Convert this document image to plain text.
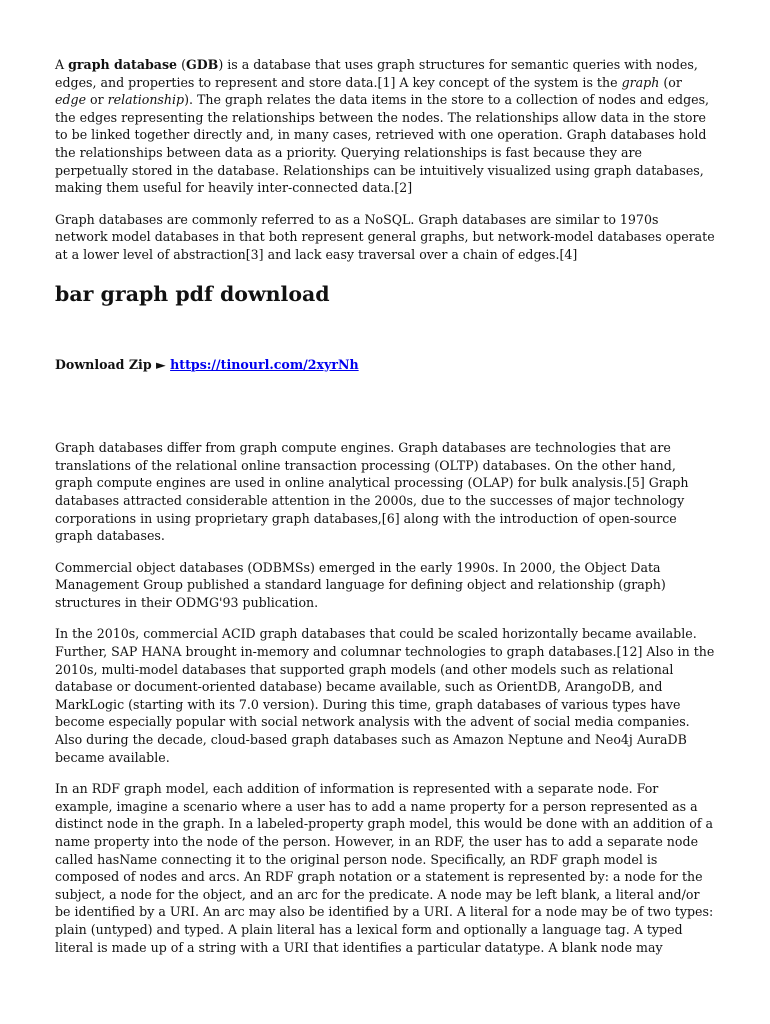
A graph database (GDB) is a database that uses graph structures for semantic queries with nodes, edges, and properties to represent and store data.[1] A key concept of the system is the graph (or edge or relationship). The graph relates the data items in the store to a collection of nodes and edges, the edges representing the relationships between the nodes. The relationships allow data in the store to be linked together directly and, in many cases, retrieved with one operation. Graph databases hold the relationships between data as a priority. Querying relationships is fast because they are perpetually stored in the database. Relationships can be intuitively visualized using graph databases, making them useful for heavily inter-connected data.[2]

Graph databases are commonly referred to as a NoSQL. Graph databases are similar to 1970s network model databases in that both represent general graphs, but network-model databases operate at a lower level of abstraction[3] and lack easy traversal over a chain of edges.[4]

bar graph pdf download
Download Zip ► https://tinourl.com/2xyrNh

Graph databases differ from graph compute engines. Graph databases are technologies that are translations of the relational online transaction processing (OLTP) databases. On the other hand, graph compute engines are used in online analytical processing (OLAP) for bulk analysis.[5] Graph databases attracted considerable attention in the 2000s, due to the successes of major technology corporations in using proprietary graph databases,[6] along with the introduction of open-source graph databases.

Commercial object databases (ODBMSs) emerged in the early 1990s. In 2000, the Object Data Management Group published a standard language for defining object and relationship (graph) structures in their ODMG'93 publication.

In the 2010s, commercial ACID graph databases that could be scaled horizontally became available. Further, SAP HANA brought in-memory and columnar technologies to graph databases.[12] Also in the 2010s, multi-model databases that supported graph models (and other models such as relational database or document-oriented database) became available, such as OrientDB, ArangoDB, and MarkLogic (starting with its 7.0 version). During this time, graph databases of various types have become especially popular with social network analysis with the advent of social media companies. Also during the decade, cloud-based graph databases such as Amazon Neptune and Neo4j AuraDB became available.

In an RDF graph model, each addition of information is represented with a separate node. For example, imagine a scenario where a user has to add a name property for a person represented as a distinct node in the graph. In a labeled-property graph model, this would be done with an addition of a name property into the node of the person. However, in an RDF, the user has to add a separate node called hasName connecting it to the original person node. Specifically, an RDF graph model is composed of nodes and arcs. An RDF graph notation or a statement is represented by: a node for the subject, a node for the object, and an arc for the predicate. A node may be left blank, a literal and/or be identified by a URI. An arc may also be identified by a URI. A literal for a node may be of two types: plain (untyped) and typed. A plain literal has a lexical form and optionally a language tag. A typed literal is made up of a string with a URI that identifies a particular datatype. A blank node may
